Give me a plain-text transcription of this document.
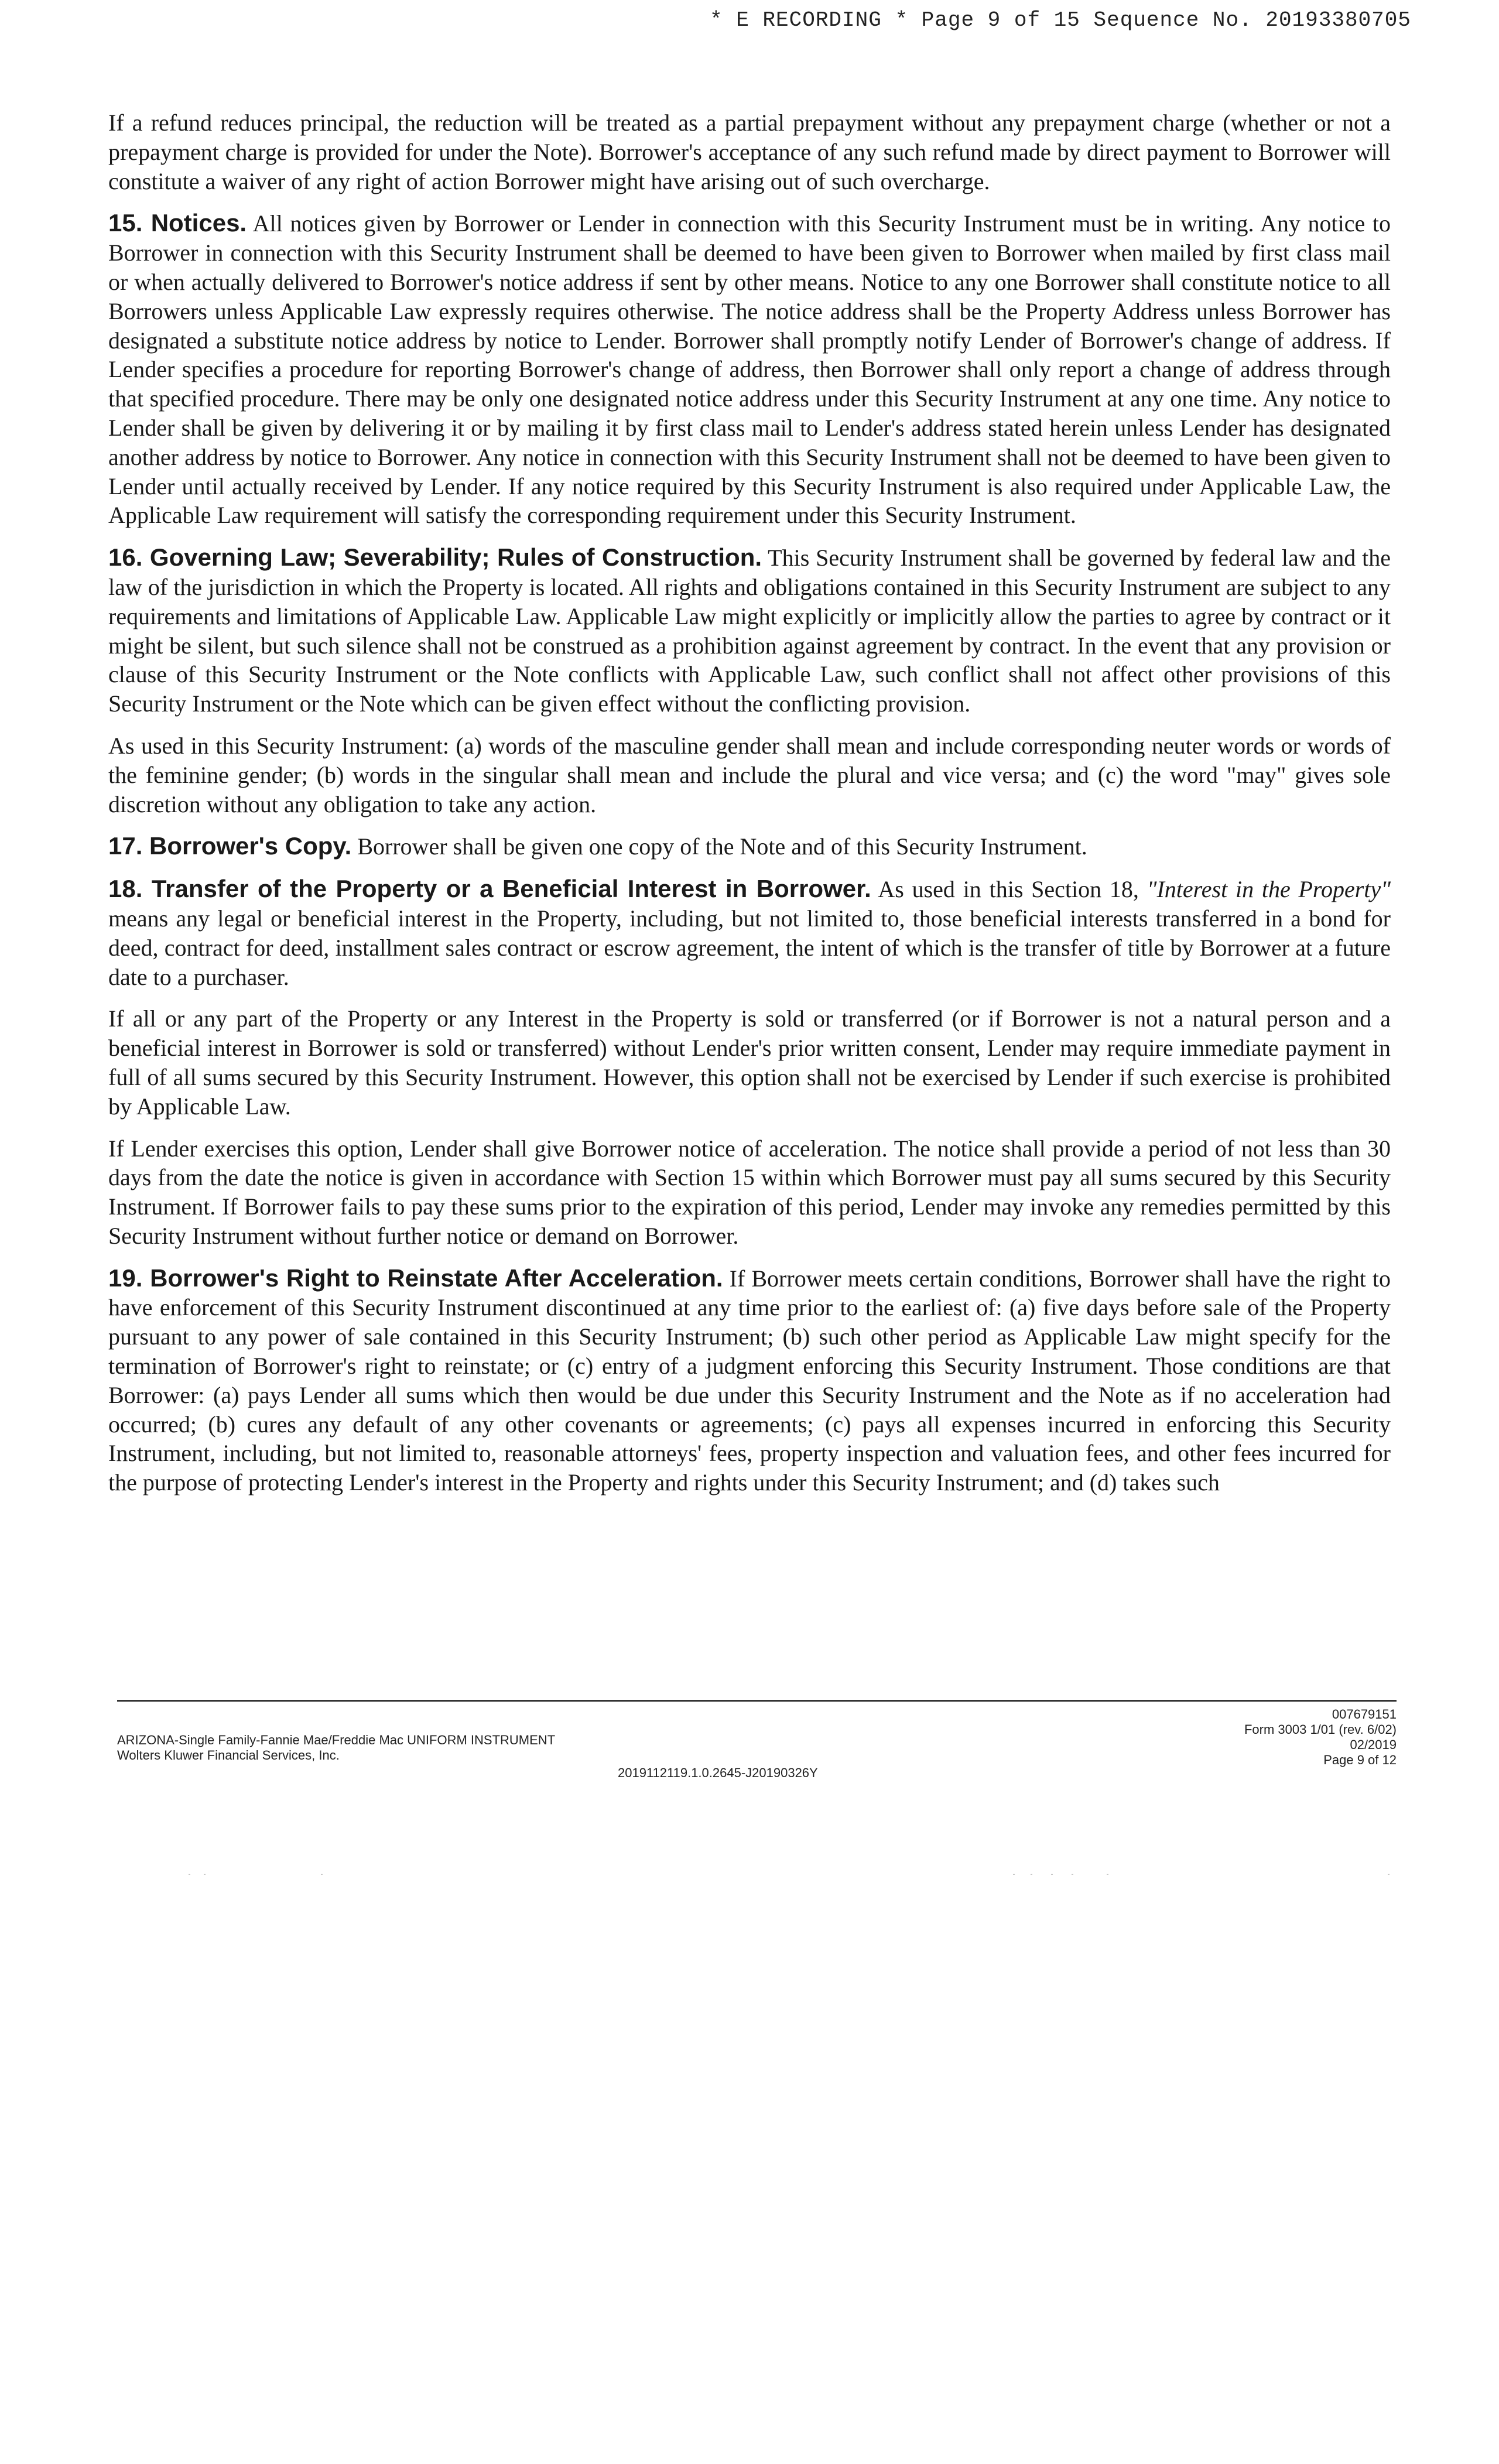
* E RECORDING * Page 9 of 15 Sequence No. 20193380705

If a refund reduces principal, the reduction will be treated as a partial prepayment without any prepayment charge (whether or not a prepayment charge is provided for under the Note). Borrower's acceptance of any such refund made by direct payment to Borrower will constitute a waiver of any right of action Borrower might have arising out of such overcharge.

15. Notices. All notices given by Borrower or Lender in connection with this Security Instrument must be in writing. Any notice to Borrower in connection with this Security Instrument shall be deemed to have been given to Borrower when mailed by first class mail or when actually delivered to Borrower's notice address if sent by other means. Notice to any one Borrower shall constitute notice to all Borrowers unless Applicable Law expressly requires otherwise. The notice address shall be the Property Address unless Borrower has designated a substitute notice address by notice to Lender. Borrower shall promptly notify Lender of Borrower's change of address. If Lender specifies a procedure for reporting Borrower's change of address, then Borrower shall only report a change of address through that specified procedure. There may be only one designated notice address under this Security Instrument at any one time. Any notice to Lender shall be given by delivering it or by mailing it by first class mail to Lender's address stated herein unless Lender has designated another address by notice to Borrower. Any notice in connection with this Security Instrument shall not be deemed to have been given to Lender until actually received by Lender. If any notice required by this Security Instrument is also required under Applicable Law, the Applicable Law requirement will satisfy the corresponding requirement under this Security Instrument.

16. Governing Law; Severability; Rules of Construction. This Security Instrument shall be governed by federal law and the law of the jurisdiction in which the Property is located. All rights and obligations contained in this Security Instrument are subject to any requirements and limitations of Applicable Law. Applicable Law might explicitly or implicitly allow the parties to agree by contract or it might be silent, but such silence shall not be construed as a prohibition against agreement by contract. In the event that any provision or clause of this Security Instrument or the Note conflicts with Applicable Law, such conflict shall not affect other provisions of this Security Instrument or the Note which can be given effect without the conflicting provision.

As used in this Security Instrument: (a) words of the masculine gender shall mean and include corresponding neuter words or words of the feminine gender; (b) words in the singular shall mean and include the plural and vice versa; and (c) the word "may" gives sole discretion without any obligation to take any action.

17. Borrower's Copy. Borrower shall be given one copy of the Note and of this Security Instrument.

18. Transfer of the Property or a Beneficial Interest in Borrower. As used in this Section 18, "Interest in the Property" means any legal or beneficial interest in the Property, including, but not limited to, those beneficial interests transferred in a bond for deed, contract for deed, installment sales contract or escrow agreement, the intent of which is the transfer of title by Borrower at a future date to a purchaser.

If all or any part of the Property or any Interest in the Property is sold or transferred (or if Borrower is not a natural person and a beneficial interest in Borrower is sold or transferred) without Lender's prior written consent, Lender may require immediate payment in full of all sums secured by this Security Instrument. However, this option shall not be exercised by Lender if such exercise is prohibited by Applicable Law.

If Lender exercises this option, Lender shall give Borrower notice of acceleration. The notice shall provide a period of not less than 30 days from the date the notice is given in accordance with Section 15 within which Borrower must pay all sums secured by this Security Instrument. If Borrower fails to pay these sums prior to the expiration of this period, Lender may invoke any remedies permitted by this Security Instrument without further notice or demand on Borrower.

19. Borrower's Right to Reinstate After Acceleration. If Borrower meets certain conditions, Borrower shall have the right to have enforcement of this Security Instrument discontinued at any time prior to the earliest of: (a) five days before sale of the Property pursuant to any power of sale contained in this Security Instrument; (b) such other period as Applicable Law might specify for the termination of Borrower's right to reinstate; or (c) entry of a judgment enforcing this Security Instrument. Those conditions are that Borrower: (a) pays Lender all sums which then would be due under this Security Instrument and the Note as if no acceleration had occurred; (b) cures any default of any other covenants or agreements; (c) pays all expenses incurred in enforcing this Security Instrument, including, but not limited to, reasonable attorneys' fees, property inspection and valuation fees, and other fees incurred for the purpose of protecting Lender's interest in the Property and rights under this Security Instrument; and (d) takes such

ARIZONA-Single Family-Fannie Mae/Freddie Mac UNIFORM INSTRUMENT
Wolters Kluwer Financial Services, Inc.
2019112119.1.0.2645-J20190326Y
007679151
Form 3003 1/01 (rev. 6/02)
02/2019
Page 9 of 12
